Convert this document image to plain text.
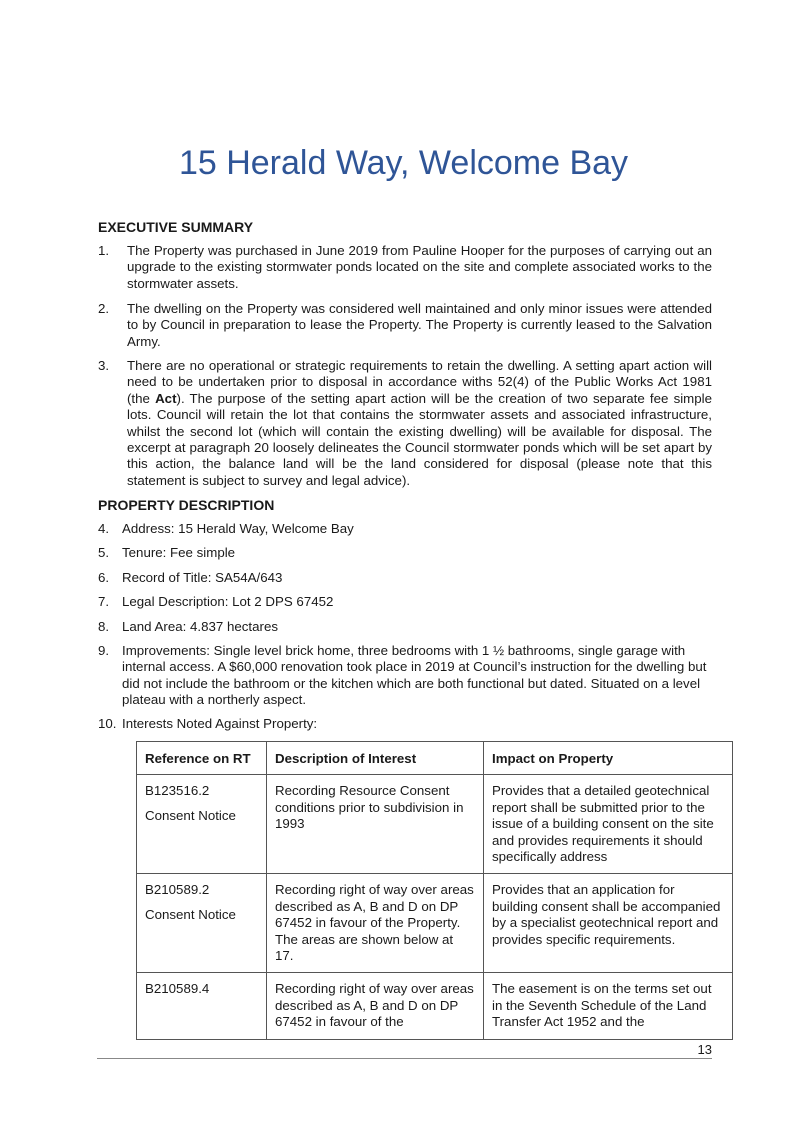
15 Herald Way, Welcome Bay
EXECUTIVE SUMMARY
1. The Property was purchased in June 2019 from Pauline Hooper for the purposes of carrying out an upgrade to the existing stormwater ponds located on the site and complete associated works to the stormwater assets.
2. The dwelling on the Property was considered well maintained and only minor issues were attended to by Council in preparation to lease the Property. The Property is currently leased to the Salvation Army.
3. There are no operational or strategic requirements to retain the dwelling. A setting apart action will need to be undertaken prior to disposal in accordance withs 52(4) of the Public Works Act 1981 (the Act). The purpose of the setting apart action will be the creation of two separate fee simple lots. Council will retain the lot that contains the stormwater assets and associated infrastructure, whilst the second lot (which will contain the existing dwelling) will be available for disposal. The excerpt at paragraph 20 loosely delineates the Council stormwater ponds which will be set apart by this action, the balance land will be the land considered for disposal (please note that this statement is subject to survey and legal advice).
PROPERTY DESCRIPTION
4. Address: 15 Herald Way, Welcome Bay
5. Tenure: Fee simple
6. Record of Title: SA54A/643
7. Legal Description: Lot 2 DPS 67452
8. Land Area: 4.837 hectares
9. Improvements: Single level brick home, three bedrooms with 1 ½ bathrooms, single garage with internal access. A $60,000 renovation took place in 2019 at Council’s instruction for the dwelling but did not include the bathroom or the kitchen which are both functional but dated. Situated on a level plateau with a northerly aspect.
10. Interests Noted Against Property:
Reference on RT	Description of Interest	Impact on Property

B123516.2
Consent Notice	Recording Resource Consent conditions prior to subdivision in 1993	Provides that a detailed geotechnical report shall be submitted prior to the issue of a building consent on the site and provides requirements it should specifically address

B210589.2
Consent Notice	Recording right of way over areas described as A, B and D on DP 67452 in favour of the Property. The areas are shown below at 17.	Provides that an application for building consent shall be accompanied by a specialist geotechnical report and provides specific requirements.

B210589.4	Recording right of way over areas described as A, B and D on DP 67452 in favour of the	The easement is on the terms set out in the Seventh Schedule of the Land Transfer Act 1952 and the
13
